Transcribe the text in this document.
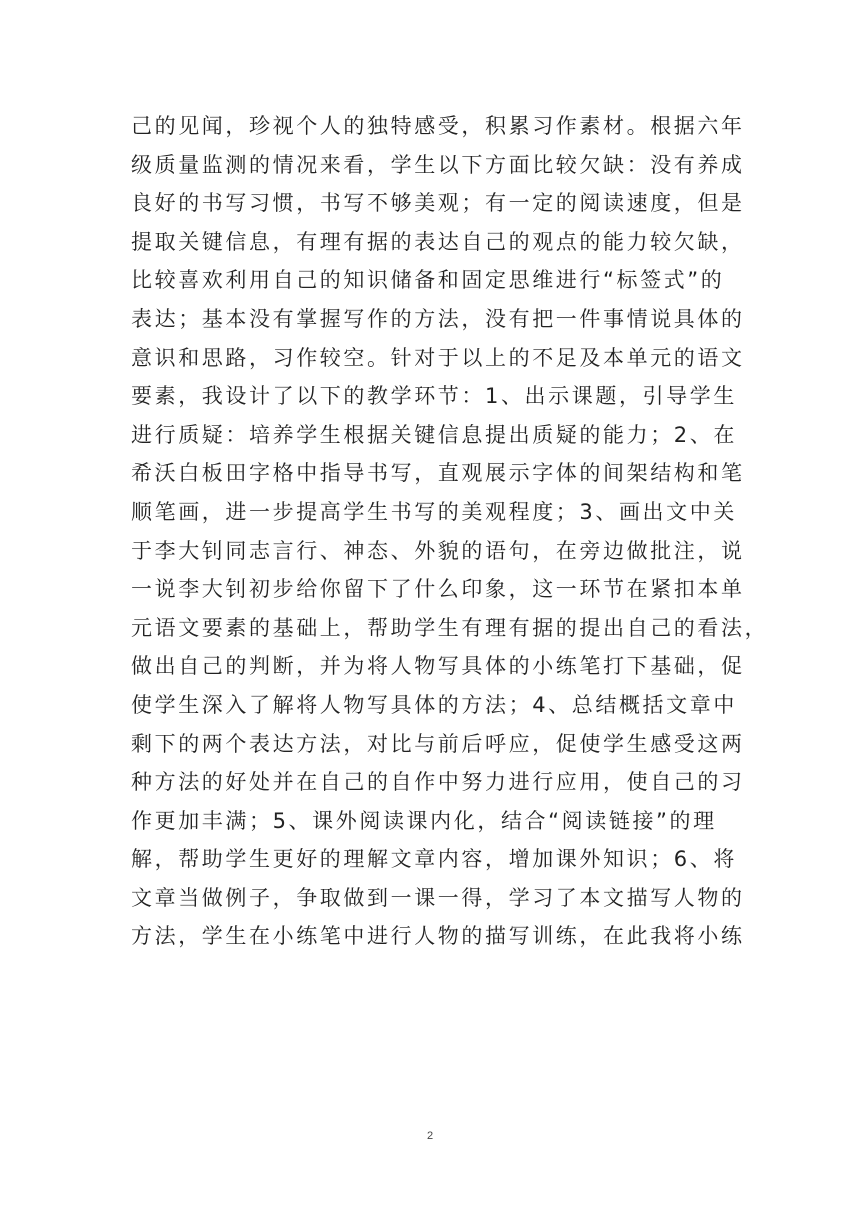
己的见闻，珍视个人的独特感受，积累习作素材。根据六年
级质量监测的情况来看，学生以下方面比较欠缺：没有养成
良好的书写习惯，书写不够美观；有一定的阅读速度，但是
提取关键信息，有理有据的表达自己的观点的能力较欠缺，
比较喜欢利用自己的知识储备和固定思维进行“标签式”的
表达；基本没有掌握写作的方法，没有把一件事情说具体的
意识和思路，习作较空。针对于以上的不足及本单元的语文
要素，我设计了以下的教学环节：1、出示课题，引导学生
进行质疑：培养学生根据关键信息提出质疑的能力；2、在
希沃白板田字格中指导书写，直观展示字体的间架结构和笔
顺笔画，进一步提高学生书写的美观程度；3、画出文中关
于李大钊同志言行、神态、外貌的语句，在旁边做批注，说
一说李大钊初步给你留下了什么印象，这一环节在紧扣本单
元语文要素的基础上，帮助学生有理有据的提出自己的看法，
做出自己的判断，并为将人物写具体的小练笔打下基础，促
使学生深入了解将人物写具体的方法；4、总结概括文章中
剩下的两个表达方法，对比与前后呼应，促使学生感受这两
种方法的好处并在自己的自作中努力进行应用，使自己的习
作更加丰满；5、课外阅读课内化，结合“阅读链接”的理
解，帮助学生更好的理解文章内容，增加课外知识；6、将
文章当做例子，争取做到一课一得，学习了本文描写人物的
方法，学生在小练笔中进行人物的描写训练，在此我将小练
2
